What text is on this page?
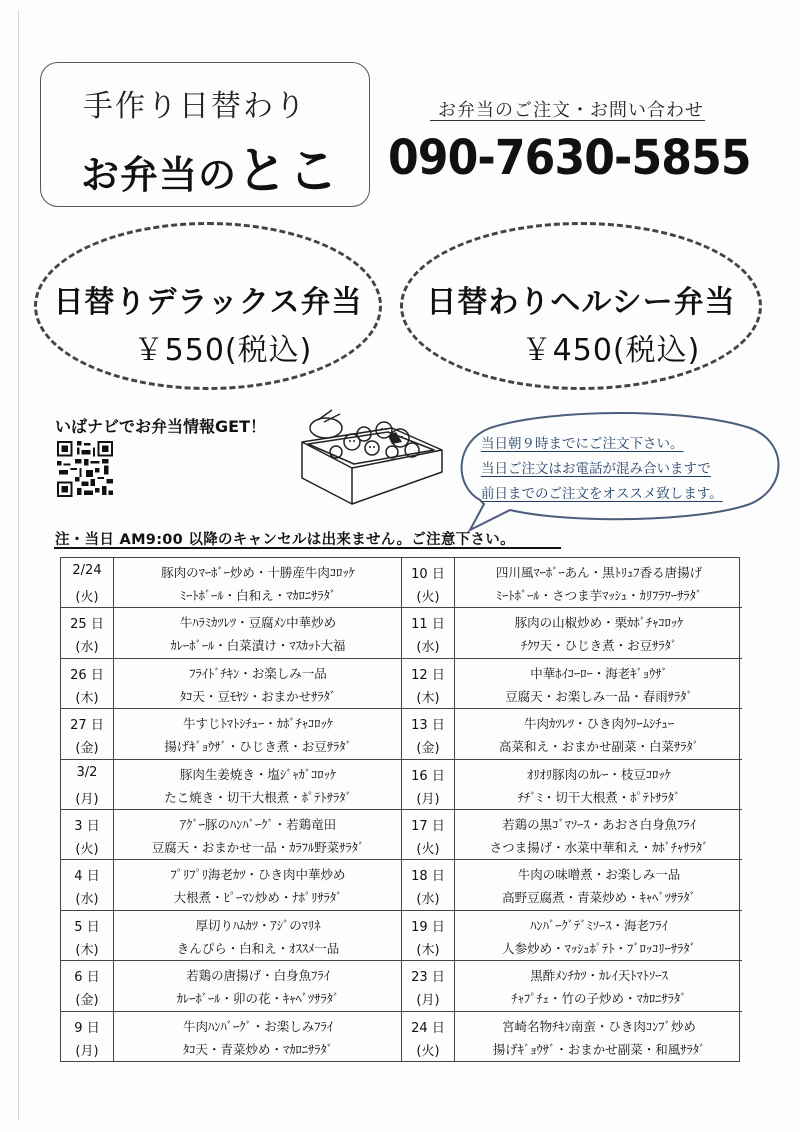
手作り日替わり
お弁当のとこ
お弁当のご注文・お問い合わせ
090-7630-5855
日替りデラックス弁当
￥550(税込)
日替わりヘルシー弁当
￥450(税込)
いばナビでお弁当情報GET！
当日朝９時までにご注文下さい。
当日ご注文はお電話が混み合いますで
前日までのご注文をオススメ致します。
注・当日 AM9:00 以降のキャンセルは出来ません。ご注意下さい。
2/24
(火)
豚肉のﾏｰﾎﾞｰ炒め・十勝産牛肉ｺﾛｯｹ
ﾐｰﾄﾎﾞｰﾙ・白和え・ﾏｶﾛﾆｻﾗﾀﾞ
25 日
(水)
牛ﾊﾗﾐｶﾂﾚﾂ・豆腐ﾒﾝ中華炒め
ｶﾚｰﾎﾞｰﾙ・白菜漬け・ﾏｽｶｯﾄ大福
26 日
(木)
ﾌﾗｲﾄﾞﾁｷﾝ・お楽しみ一品
ﾀｺ天・豆ﾓﾔｼ・おまかせｻﾗﾀﾞ
27 日
(金)
牛すじﾄﾏﾄｼﾁｭｰ・ｶﾎﾞﾁｬｺﾛｯｹ
揚げｷﾞｮｳｻﾞ・ひじき煮・お豆ｻﾗﾀﾞ
3/2
(月)
豚肉生姜焼き・塩ｼﾞｬｶﾞｺﾛｯｹ
たこ焼き・切干大根煮・ﾎﾟﾃﾄｻﾗﾀﾞ
3 日
(火)
ｱｸﾞｰ豚のﾊﾝﾊﾞｰｸﾞ・若鶏竜田
豆腐天・おまかせ一品・ｶﾗﾌﾙ野菜ｻﾗﾀﾞ
4 日
(水)
ﾌﾟﾘﾌﾟﾘ海老ｶﾂ・ひき肉中華炒め
大根煮・ﾋﾟｰﾏﾝ炒め・ﾅﾎﾟﾘｻﾗﾀﾞ
5 日
(木)
厚切りﾊﾑｶﾂ・ｱｼﾞのﾏﾘﾈ
きんぴら・白和え・ｵｽｽﾒ一品
6 日
(金)
若鶏の唐揚げ・白身魚ﾌﾗｲ
ｶﾚｰﾎﾞｰﾙ・卯の花・ｷｬﾍﾞﾂｻﾗﾀﾞ
9 日
(月)
牛肉ﾊﾝﾊﾞｰｸﾞ・お楽しみﾌﾗｲ
ﾀｺ天・青菜炒め・ﾏｶﾛﾆｻﾗﾀﾞ
10 日
(火)
四川風ﾏｰﾎﾞｰあん・黒ﾄﾘｭﾌ香る唐揚げ
ﾐｰﾄﾎﾞｰﾙ・さつま芋ﾏｯｼｭ・ｶﾘﾌﾗﾜｰｻﾗﾀﾞ
11 日
(水)
豚肉の山椒炒め・栗ｶﾎﾞﾁｬｺﾛｯｹ
ﾁｸﾜ天・ひじき煮・お豆ｻﾗﾀﾞ
12 日
(木)
中華ﾎｲｺｰﾛｰ・海老ｷﾞｮｳｻﾞ
豆腐天・お楽しみ一品・春雨ｻﾗﾀﾞ
13 日
(金)
牛肉ｶﾂﾚﾂ・ひき肉ｸﾘｰﾑｼﾁｭｰ
高菜和え・おまかせ副菜・白菜ｻﾗﾀﾞ
16 日
(月)
ｵﾘｵﾘ豚肉のｶﾚｰ・枝豆ｺﾛｯｹ
ﾁﾁﾞﾐ・切干大根煮・ﾎﾟﾃﾄｻﾗﾀﾞ
17 日
(火)
若鶏の黒ｺﾞﾏｿｰｽ・あおさ白身魚ﾌﾗｲ
さつま揚げ・水菜中華和え・ｶﾎﾞﾁｬｻﾗﾀﾞ
18 日
(水)
牛肉の味噌煮・お楽しみ一品
高野豆腐煮・青菜炒め・ｷｬﾍﾞﾂｻﾗﾀﾞ
19 日
(木)
ﾊﾝﾊﾞｰｸﾞﾃﾞﾐｿｰｽ・海老ﾌﾗｲ
人参炒め・ﾏｯｼｭﾎﾟﾃﾄ・ﾌﾞﾛｯｺﾘｰｻﾗﾀﾞ
23 日
(月)
黒酢ﾒﾝﾁｶﾂ・ｶﾚｲ天ﾄﾏﾄｿｰｽ
ﾁｬﾌﾟﾁｪ・竹の子炒め・ﾏｶﾛﾆｻﾗﾀﾞ
24 日
(火)
宮崎名物ﾁｷﾝ南蛮・ひき肉ｺﾝﾌﾞ炒め
揚げｷﾞｮｳｻﾞ・おまかせ副菜・和風ｻﾗﾀﾞ
